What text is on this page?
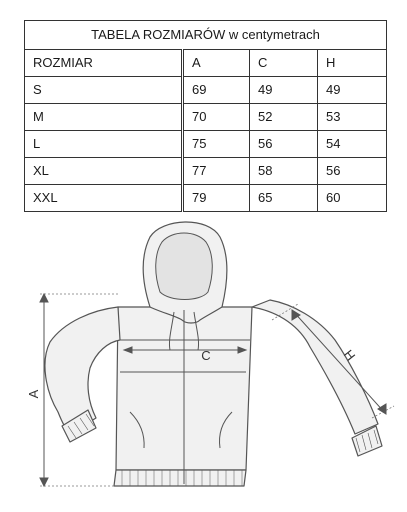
TABELA ROZMIARÓW w centymetrach			
ROZMIAR	A	C	H
S	69	49	49
M	70	52	53
L	75	56	54
XL	77	58	56
XXL	79	65	60
A
C	H
